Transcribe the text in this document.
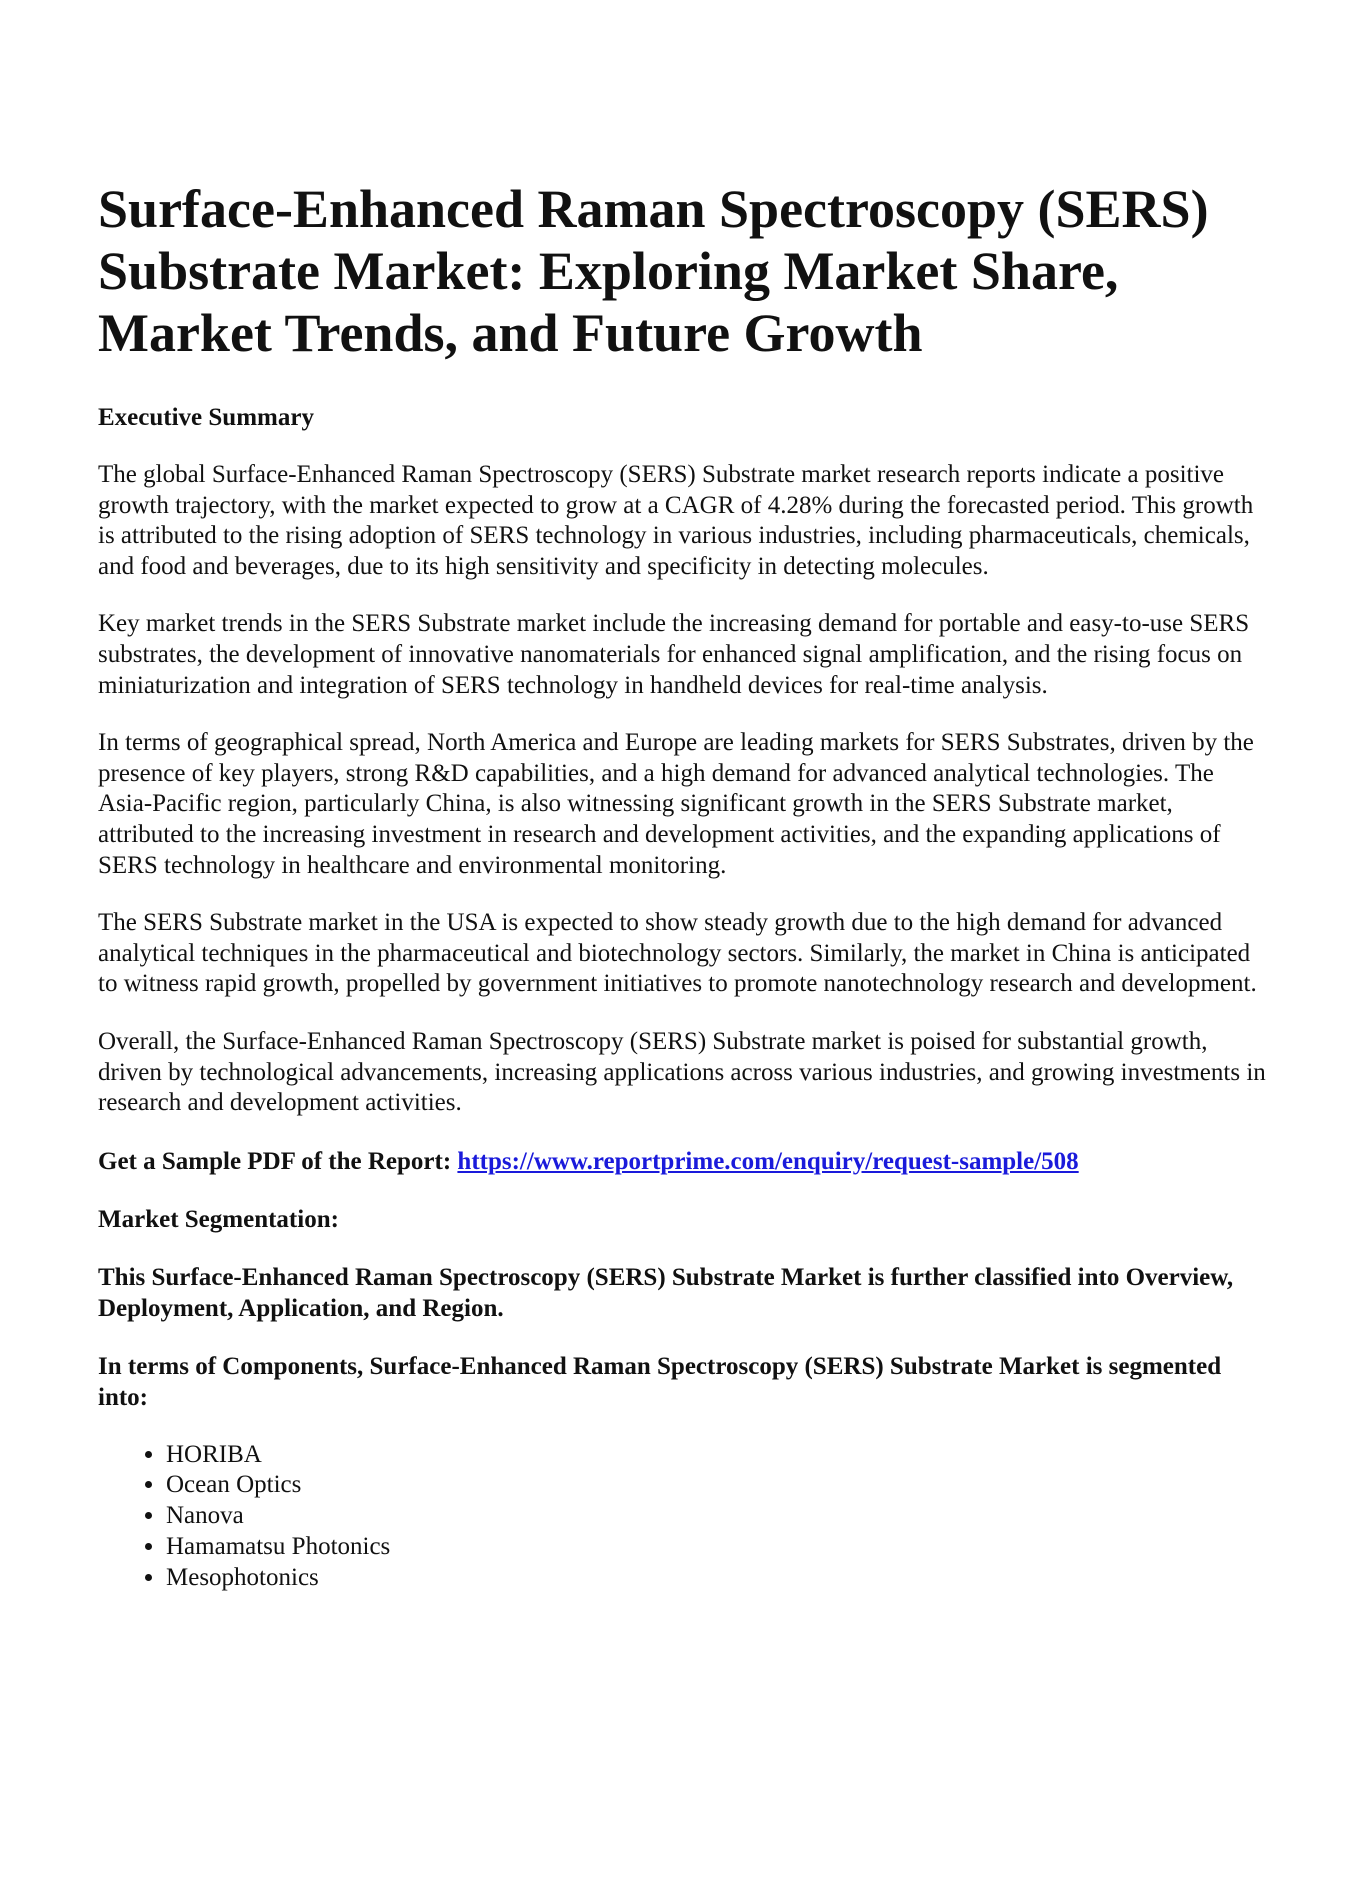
Surface-Enhanced Raman Spectroscopy (SERS) Substrate Market: Exploring Market Share, Market Trends, and Future Growth
Executive Summary

The global Surface-Enhanced Raman Spectroscopy (SERS) Substrate market research reports indicate a positive growth trajectory, with the market expected to grow at a CAGR of 4.28% during the forecasted period. This growth is attributed to the rising adoption of SERS technology in various industries, including pharmaceuticals, chemicals, and food and beverages, due to its high sensitivity and specificity in detecting molecules.

Key market trends in the SERS Substrate market include the increasing demand for portable and easy-to-use SERS substrates, the development of innovative nanomaterials for enhanced signal amplification, and the rising focus on miniaturization and integration of SERS technology in handheld devices for real-time analysis.

In terms of geographical spread, North America and Europe are leading markets for SERS Substrates, driven by the presence of key players, strong R&D capabilities, and a high demand for advanced analytical technologies. The Asia-Pacific region, particularly China, is also witnessing significant growth in the SERS Substrate market, attributed to the increasing investment in research and development activities, and the expanding applications of SERS technology in healthcare and environmental monitoring.

The SERS Substrate market in the USA is expected to show steady growth due to the high demand for advanced analytical techniques in the pharmaceutical and biotechnology sectors. Similarly, the market in China is anticipated to witness rapid growth, propelled by government initiatives to promote nanotechnology research and development.

Overall, the Surface-Enhanced Raman Spectroscopy (SERS) Substrate market is poised for substantial growth, driven by technological advancements, increasing applications across various industries, and growing investments in research and development activities.

Get a Sample PDF of the Report: https://www.reportprime.com/enquiry/request-sample/508

Market Segmentation:

This Surface-Enhanced Raman Spectroscopy (SERS) Substrate Market is further classified into Overview, Deployment, Application, and Region.

In terms of Components, Surface-Enhanced Raman Spectroscopy (SERS) Substrate Market is segmented into:

• HORIBA
• Ocean Optics
• Nanova
• Hamamatsu Photonics
• Mesophotonics
